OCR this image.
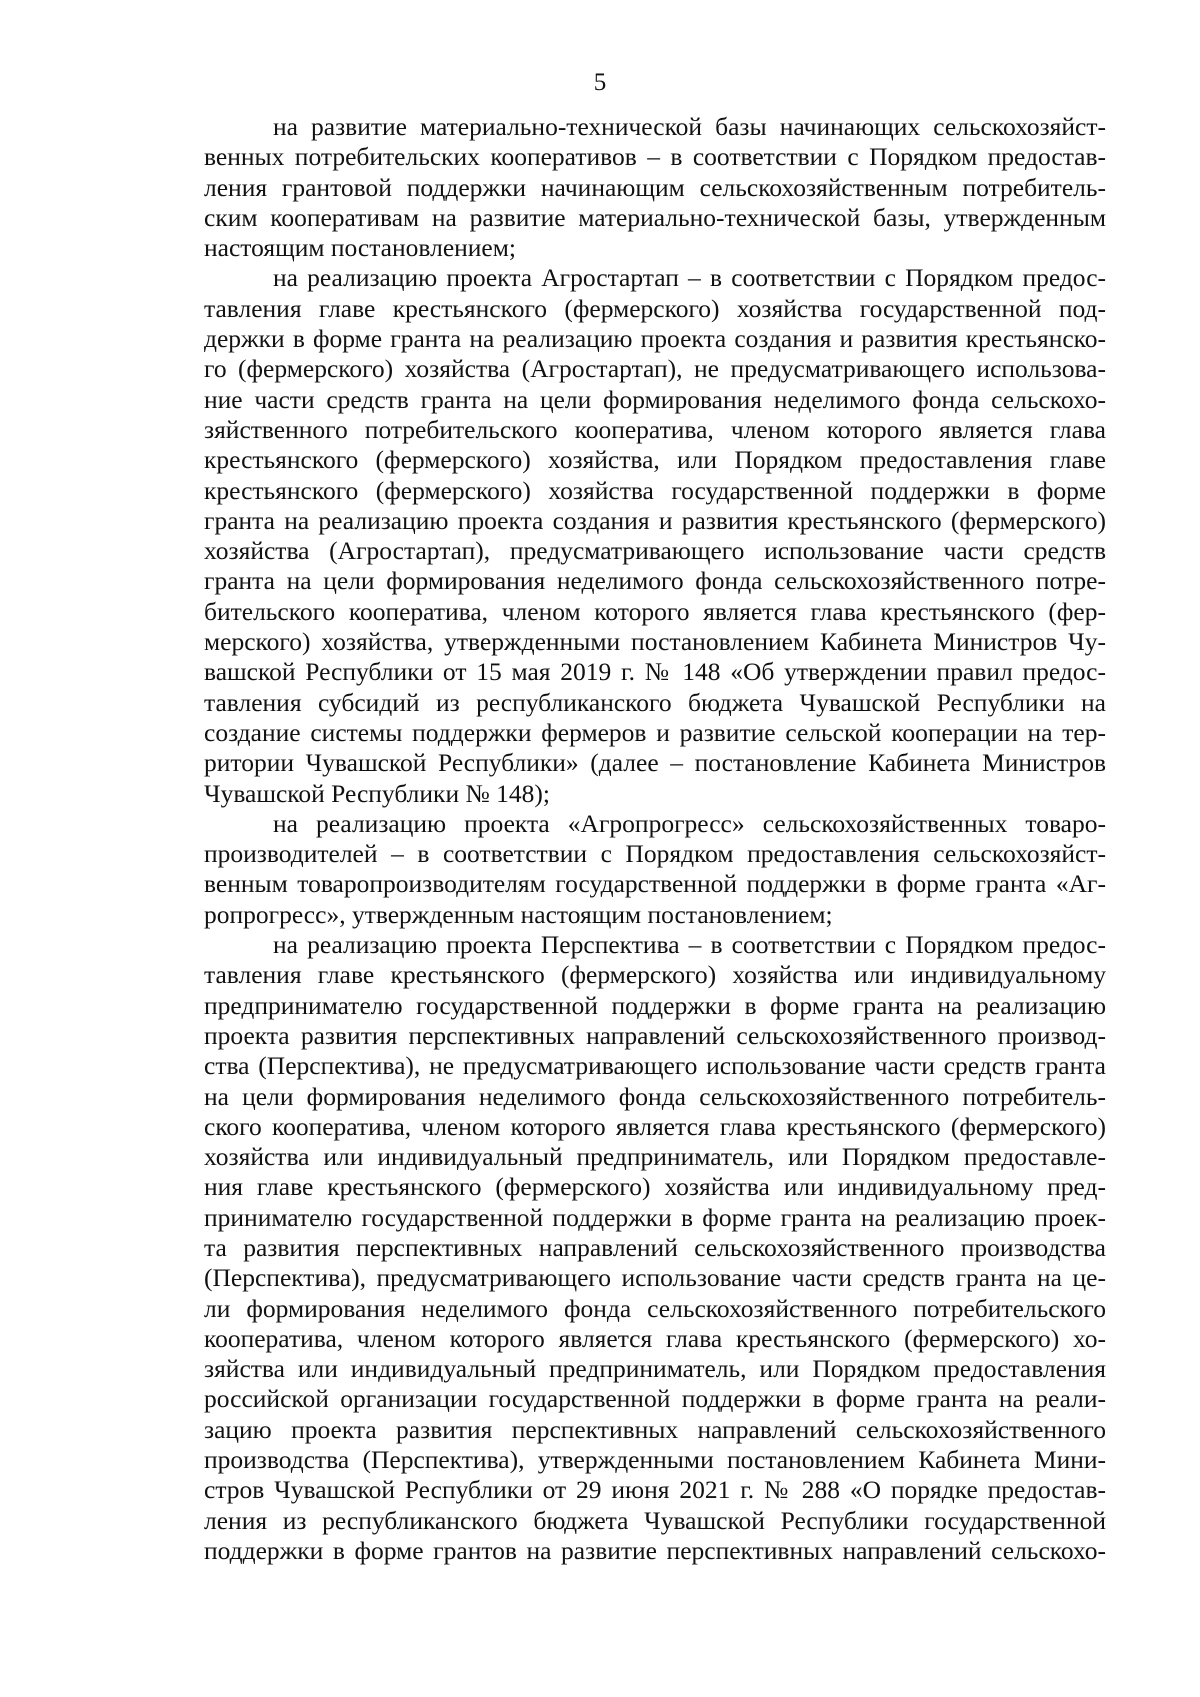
5
на развитие материально-технической базы начинающих сельскохозяйст-
венных потребительских кооперативов – в соответствии с Порядком предостав-
ления грантовой поддержки начинающим сельскохозяйственным потребитель-
ским кооперативам на развитие материально-технической базы, утвержденным
настоящим постановлением;
на реализацию проекта Агростартап – в соответствии с Порядком предос-
тавления главе крестьянского (фермерского) хозяйства государственной под-
держки в форме гранта на реализацию проекта создания и развития крестьянско-
го (фермерского) хозяйства (Агростартап), не предусматривающего использова-
ние части средств гранта на цели формирования неделимого фонда сельскохо-
зяйственного потребительского кооператива, членом которого является глава
крестьянского (фермерского) хозяйства, или Порядком предоставления главе
крестьянского (фермерского) хозяйства государственной поддержки в форме
гранта на реализацию проекта создания и развития крестьянского (фермерского)
хозяйства (Агростартап), предусматривающего использование части средств
гранта на цели формирования неделимого фонда сельскохозяйственного потре-
бительского кооператива, членом которого является глава крестьянского (фер-
мерского) хозяйства, утвержденными постановлением Кабинета Министров Чу-
вашской Республики от 15 мая 2019 г. № 148 «Об утверждении правил предос-
тавления субсидий из республиканского бюджета Чувашской Республики на
создание системы поддержки фермеров и развитие сельской кооперации на тер-
ритории Чувашской Республики» (далее – постановление Кабинета Министров
Чувашской Республики № 148);
на реализацию проекта «Агропрогресс» сельскохозяйственных товаро-
производителей – в соответствии с Порядком предоставления сельскохозяйст-
венным товаропроизводителям государственной поддержки в форме гранта «Аг-
ропрогресс», утвержденным настоящим постановлением;
на реализацию проекта Перспектива – в соответствии с Порядком предос-
тавления главе крестьянского (фермерского) хозяйства или индивидуальному
предпринимателю государственной поддержки в форме гранта на реализацию
проекта развития перспективных направлений сельскохозяйственного производ-
ства (Перспектива), не предусматривающего использование части средств гранта
на цели формирования неделимого фонда сельскохозяйственного потребитель-
ского кооператива, членом которого является глава крестьянского (фермерского)
хозяйства или индивидуальный предприниматель, или Порядком предоставле-
ния главе крестьянского (фермерского) хозяйства или индивидуальному пред-
принимателю государственной поддержки в форме гранта на реализацию проек-
та развития перспективных направлений сельскохозяйственного производства
(Перспектива), предусматривающего использование части средств гранта на це-
ли формирования неделимого фонда сельскохозяйственного потребительского
кооператива, членом которого является глава крестьянского (фермерского) хо-
зяйства или индивидуальный предприниматель, или Порядком предоставления
российской организации государственной поддержки в форме гранта на реали-
зацию проекта развития перспективных направлений сельскохозяйственного
производства (Перспектива), утвержденными постановлением Кабинета Мини-
стров Чувашской Республики от 29 июня 2021 г. № 288 «О порядке предостав-
ления из республиканского бюджета Чувашской Республики государственной
поддержки в форме грантов на развитие перспективных направлений сельскохо-
